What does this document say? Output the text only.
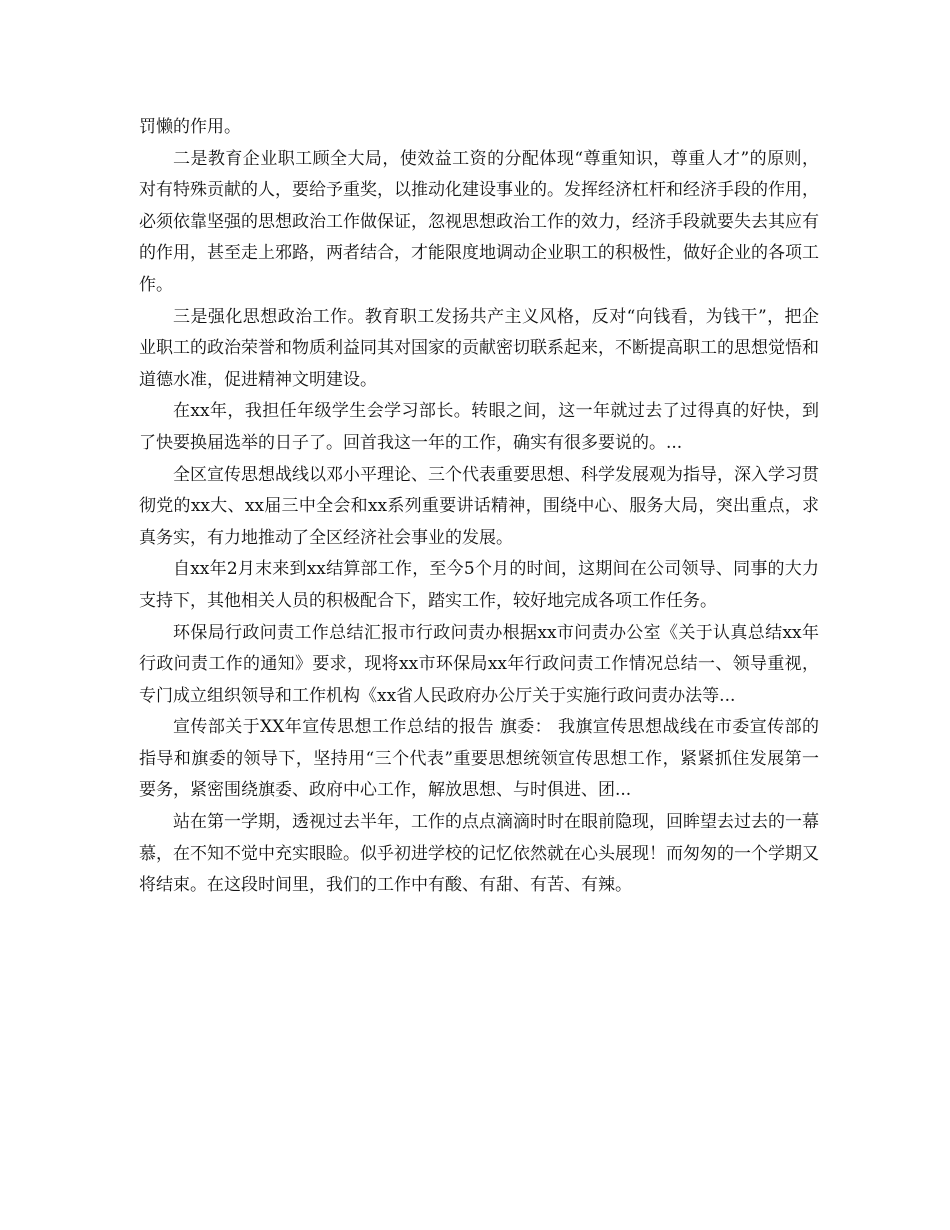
罚懒的作用。

二是教育企业职工顾全大局，使效益工资的分配体现“尊重知识，尊重人才”的原则，对有特殊贡献的人，要给予重奖，以推动化建设事业的。发挥经济杠杆和经济手段的作用，必须依靠坚强的思想政治工作做保证，忽视思想政治工作的效力，经济手段就要失去其应有的作用，甚至走上邪路，两者结合，才能限度地调动企业职工的积极性，做好企业的各项工作。

三是强化思想政治工作。教育职工发扬共产主义风格，反对“向钱看，为钱干”，把企业职工的政治荣誉和物质利益同其对国家的贡献密切联系起来，不断提高职工的思想觉悟和道德水准，促进精神文明建设。

在xx年，我担任年级学生会学习部长。转眼之间，这一年就过去了过得真的好快，到了快要换届选举的日子了。回首我这一年的工作，确实有很多要说的。...

全区宣传思想战线以邓小平理论、三个代表重要思想、科学发展观为指导，深入学习贯彻党的xx大、xx届三中全会和xx系列重要讲话精神，围绕中心、服务大局，突出重点，求真务实，有力地推动了全区经济社会事业的发展。

自xx年2月末来到xx结算部工作，至今5个月的时间，这期间在公司领导、同事的大力支持下，其他相关人员的积极配合下，踏实工作，较好地完成各项工作任务。

环保局行政问责工作总结汇报市行政问责办根据xx市问责办公室《关于认真总结xx年行政问责工作的通知》要求，现将xx市环保局xx年行政问责工作情况总结一、领导重视，专门成立组织领导和工作机构《xx省人民政府办公厅关于实施行政问责办法等...

宣传部关于XX年宣传思想工作总结的报告 旗委： 我旗宣传思想战线在市委宣传部的指导和旗委的领导下，坚持用“三个代表”重要思想统领宣传思想工作，紧紧抓住发展第一要务，紧密围绕旗委、政府中心工作，解放思想、与时俱进、团...

站在第一学期，透视过去半年，工作的点点滴滴时时在眼前隐现，回眸望去过去的一幕慕，在不知不觉中充实眼睑。似乎初进学校的记忆依然就在心头展现！而匆匆的一个学期又将结束。在这段时间里，我们的工作中有酸、有甜、有苦、有辣。
